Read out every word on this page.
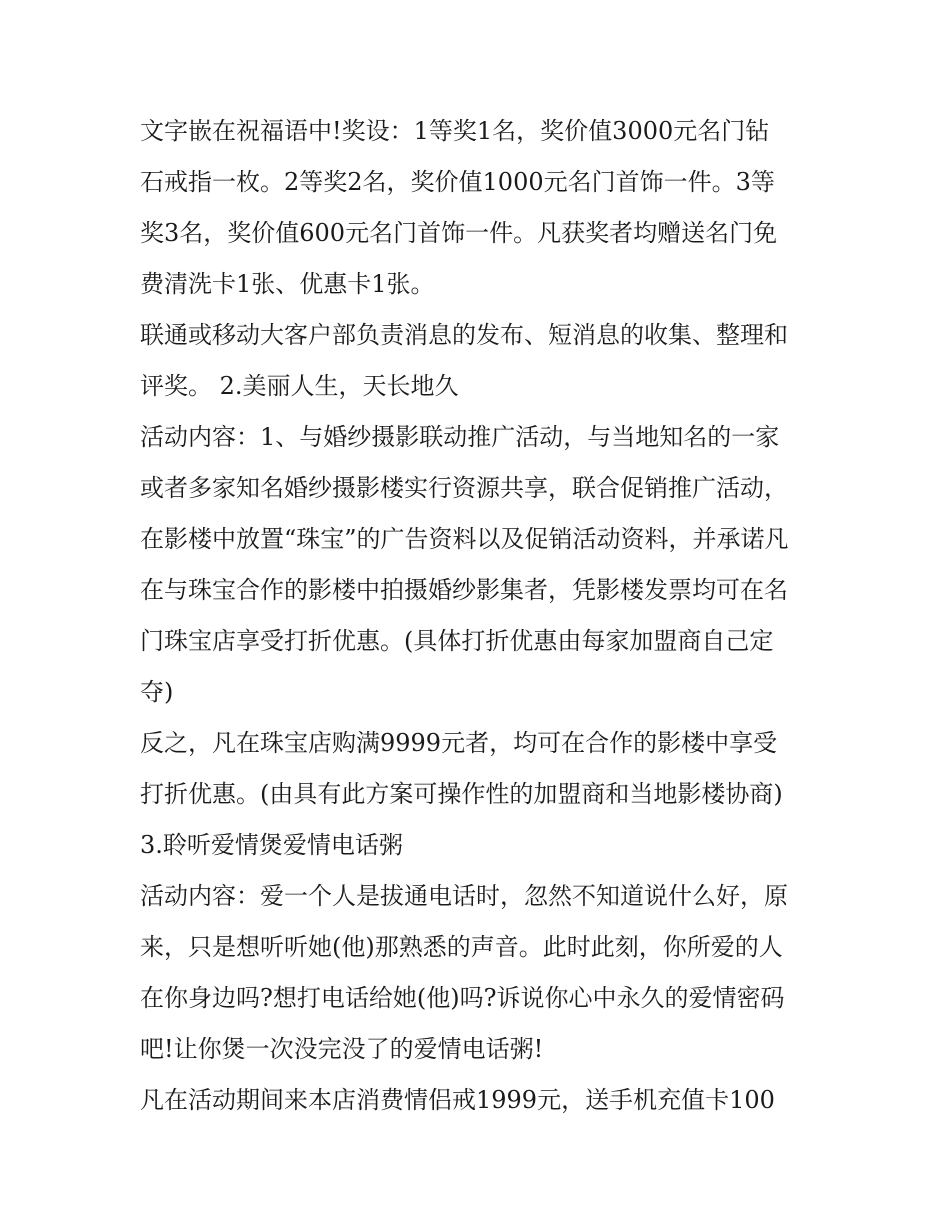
文字嵌在祝福语中!奖设：1等奖1名，奖价值3000元名门钻
石戒指一枚。2等奖2名，奖价值1000元名门首饰一件。3等
奖3名，奖价值600元名门首饰一件。凡获奖者均赠送名门免
费清洗卡1张、优惠卡1张。
联通或移动大客户部负责消息的发布、短消息的收集、整理和
评奖。 2.美丽人生，天长地久
活动内容：1、与婚纱摄影联动推广活动，与当地知名的一家
或者多家知名婚纱摄影楼实行资源共享，联合促销推广活动，
在影楼中放置“珠宝”的广告资料以及促销活动资料，并承诺凡
在与珠宝合作的影楼中拍摄婚纱影集者，凭影楼发票均可在名
门珠宝店享受打折优惠。(具体打折优惠由每家加盟商自己定
夺)
反之，凡在珠宝店购满9999元者，均可在合作的影楼中享受
打折优惠。(由具有此方案可操作性的加盟商和当地影楼协商)
3.聆听爱情煲爱情电话粥
活动内容：爱一个人是拔通电话时，忽然不知道说什么好，原
来，只是想听听她(他)那熟悉的声音。此时此刻，你所爱的人
在你身边吗?想打电话给她(他)吗?诉说你心中永久的爱情密码
吧!让你煲一次没完没了的爱情电话粥!
凡在活动期间来本店消费情侣戒1999元，送手机充值卡100
